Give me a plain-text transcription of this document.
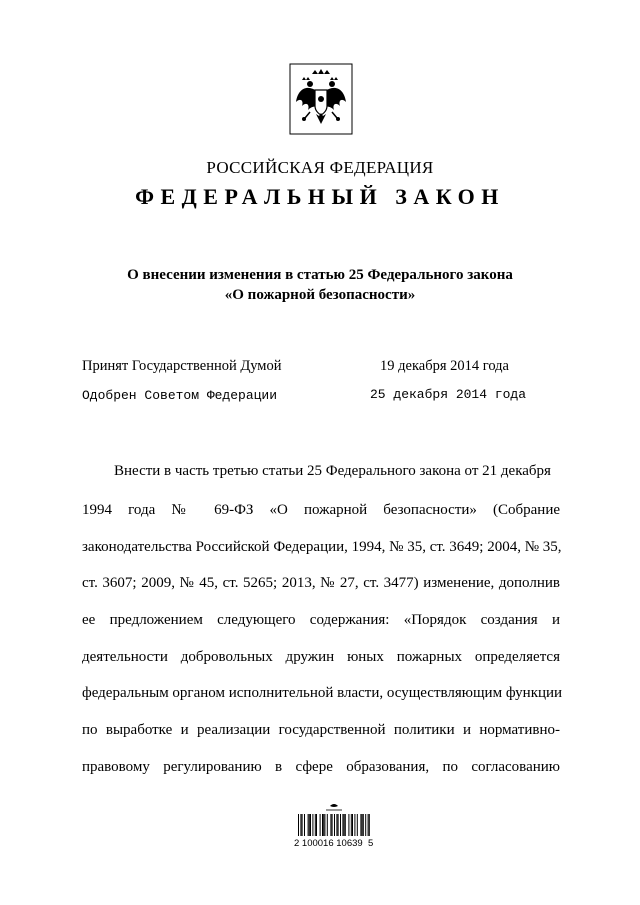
РОССИЙСКАЯ ФЕДЕРАЦИЯ
ФЕДЕРАЛЬНЫЙ ЗАКОН
О внесении изменения в статью 25 Федерального закона
«О пожарной безопасности»
Принят Государственной Думой	19 декабря 2014 года
Одобрен Советом Федерации	25 декабря 2014 года
Внести в часть третью статьи 25 Федерального закона от 21 декабря
1994 года № 69-ФЗ «О пожарной безопасности» (Собрание
законодательства Российской Федерации, 1994, № 35, ст. 3649; 2004, № 35,
ст. 3607; 2009, № 45, ст. 5265; 2013, № 27, ст. 3477) изменение, дополнив
ее предложением следующего содержания: «Порядок создания и
деятельности добровольных дружин юных пожарных определяется
федеральным органом исполнительной власти, осуществляющим функции
по выработке и реализации государственной политики и нормативно-
правовому регулированию в сфере образования, по согласованию
2 100016 10639  5
